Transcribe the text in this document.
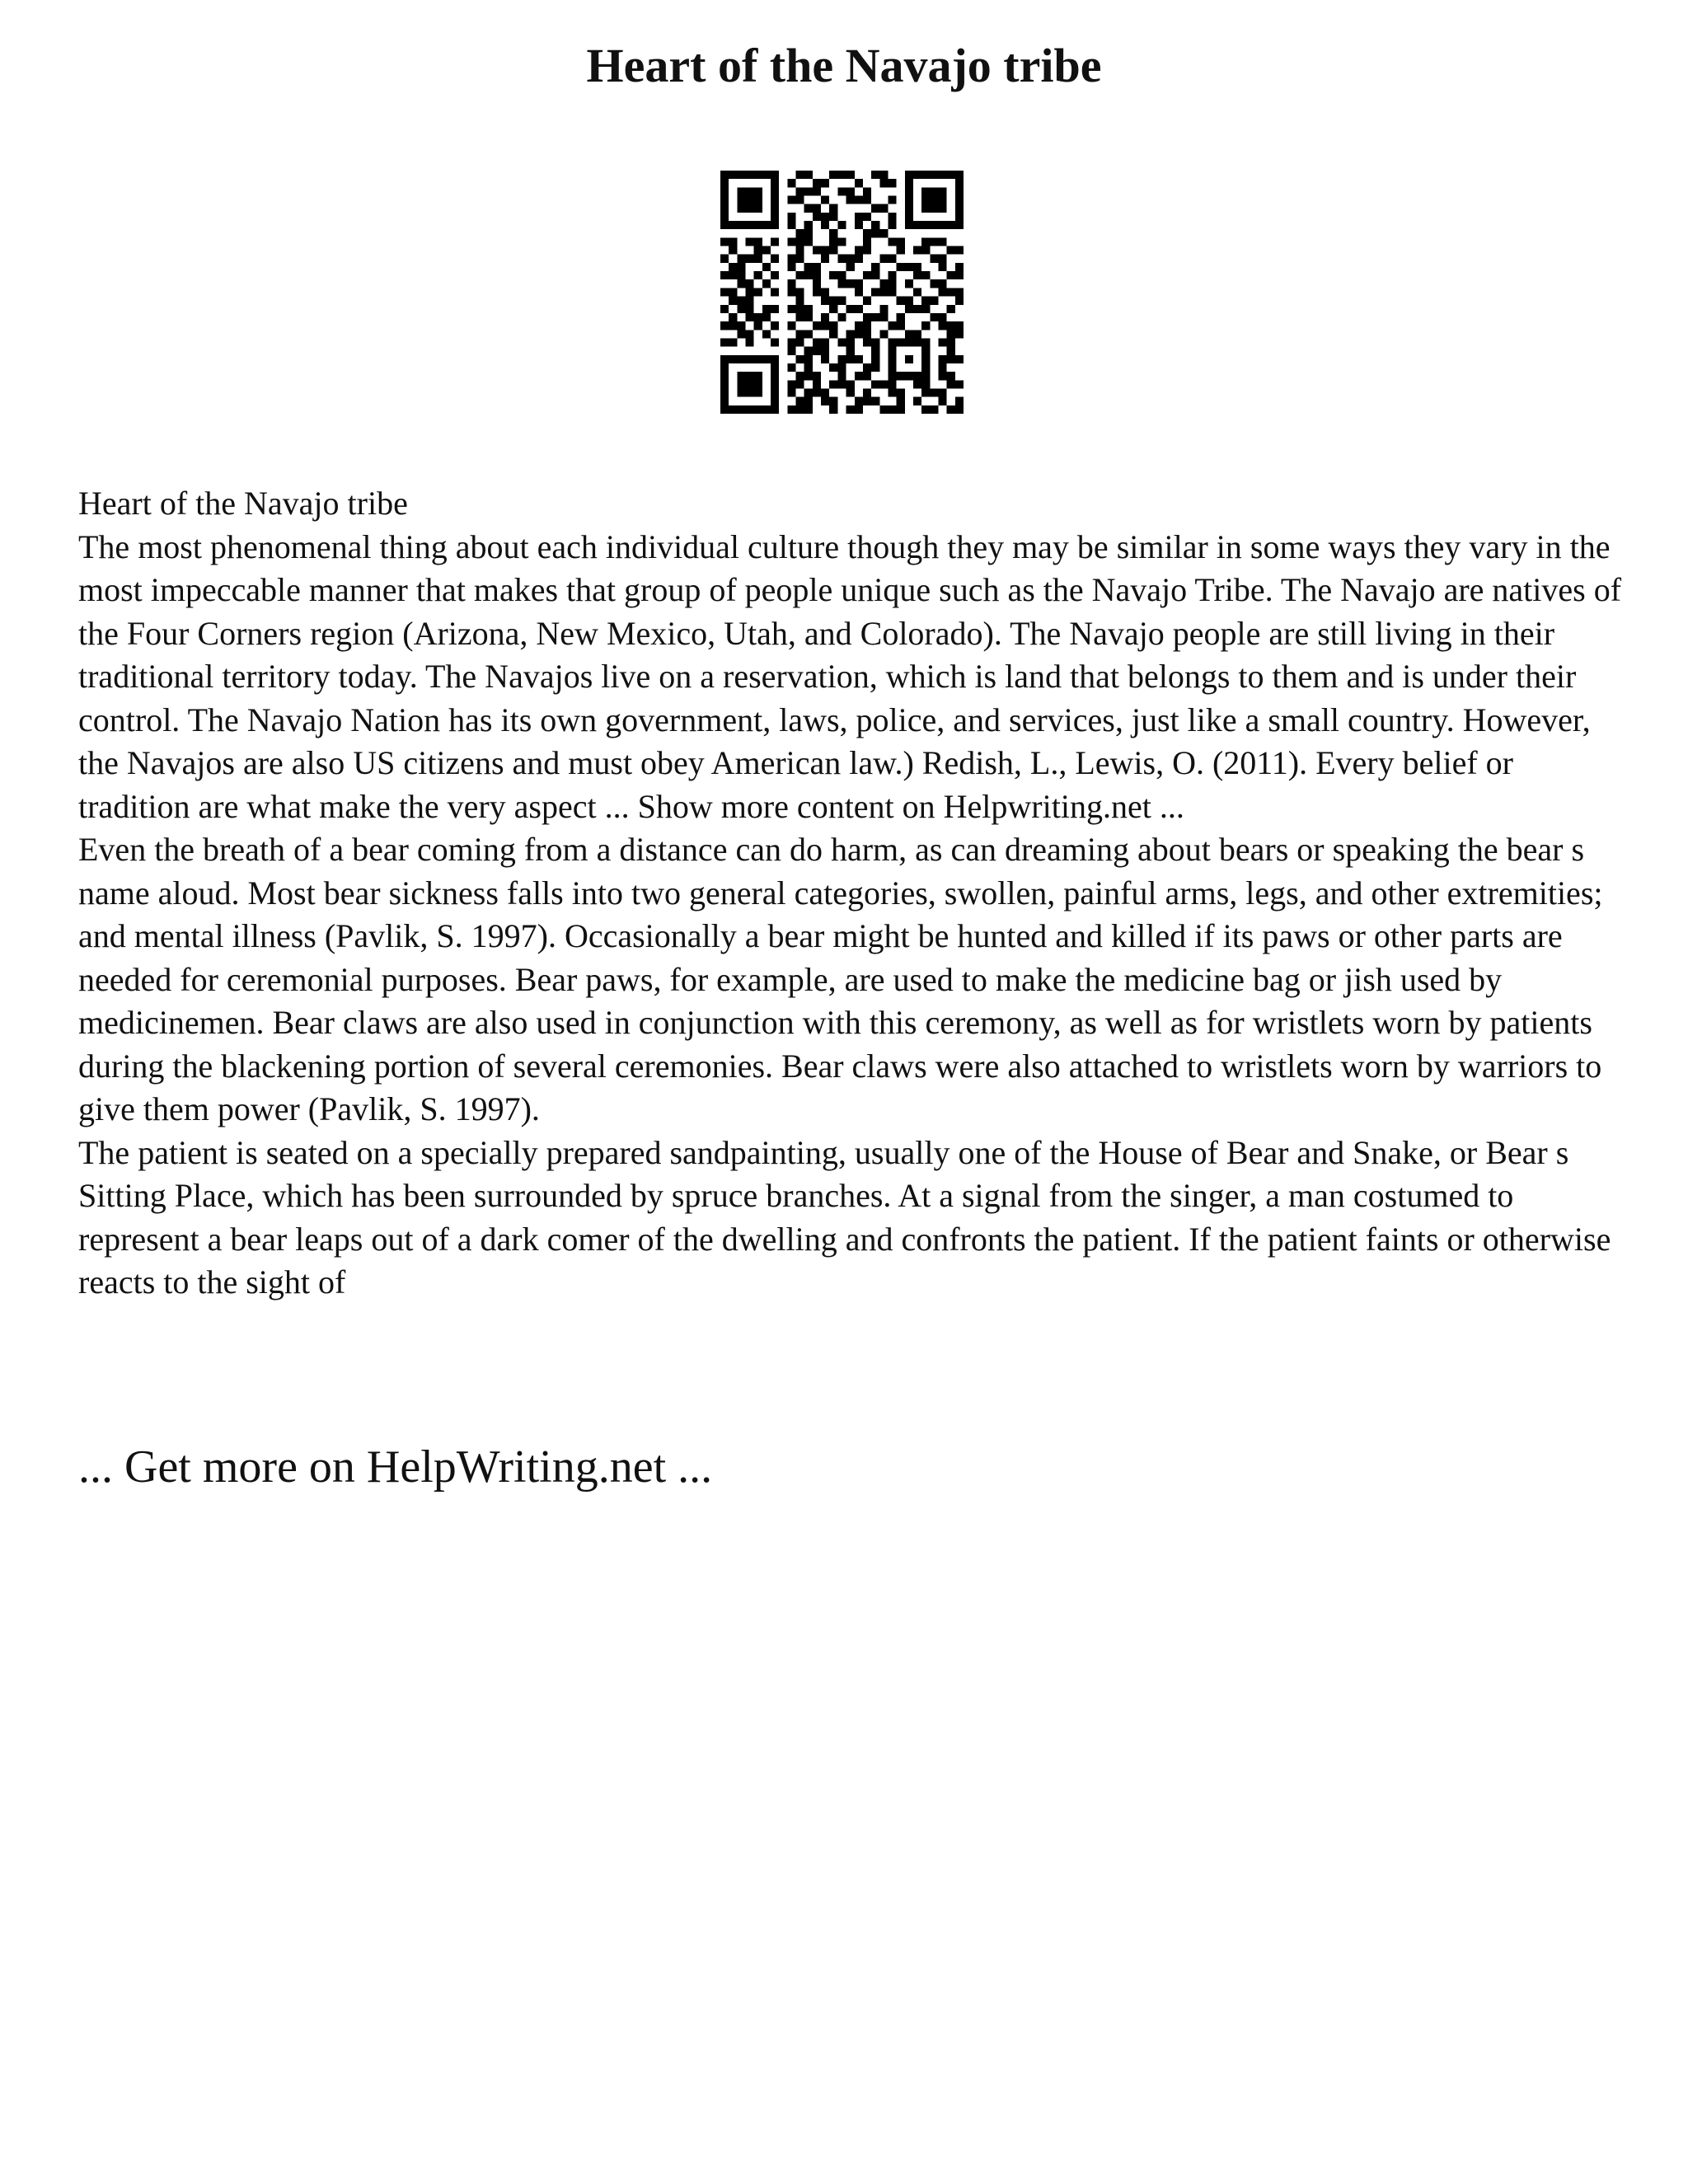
Heart of the Navajo tribe

Heart of the Navajo tribe

The most phenomenal thing about each individual culture though they may be similar in some ways they vary in the most impeccable manner that makes that group of people unique such as the Navajo Tribe. The Navajo are natives of the Four Corners region (Arizona, New Mexico, Utah, and Colorado). The Navajo people are still living in their traditional territory today. The Navajos live on a reservation, which is land that belongs to them and is under their control. The Navajo Nation has its own government, laws, police, and services, just like a small country. However, the Navajos are also US citizens and must obey American law.) Redish, L., Lewis, O. (2011). Every belief or tradition are what make the very aspect ... Show more content on Helpwriting.net ...

Even the breath of a bear coming from a distance can do harm, as can dreaming about bears or speaking the bear s name aloud. Most bear sickness falls into two general categories, swollen, painful arms, legs, and other extremities; and mental illness (Pavlik, S. 1997). Occasionally a bear might be hunted and killed if its paws or other parts are needed for ceremonial purposes. Bear paws, for example, are used to make the medicine bag or jish used by medicinemen. Bear claws are also used in conjunction with this ceremony, as well as for wristlets worn by patients during the blackening portion of several ceremonies. Bear claws were also attached to wristlets worn by warriors to give them power (Pavlik, S. 1997).

The patient is seated on a specially prepared sandpainting, usually one of the House of Bear and Snake, or Bear s Sitting Place, which has been surrounded by spruce branches. At a signal from the singer, a man costumed to represent a bear leaps out of a dark comer of the dwelling and confronts the patient. If the patient faints or otherwise reacts to the sight of

... Get more on HelpWriting.net ...
